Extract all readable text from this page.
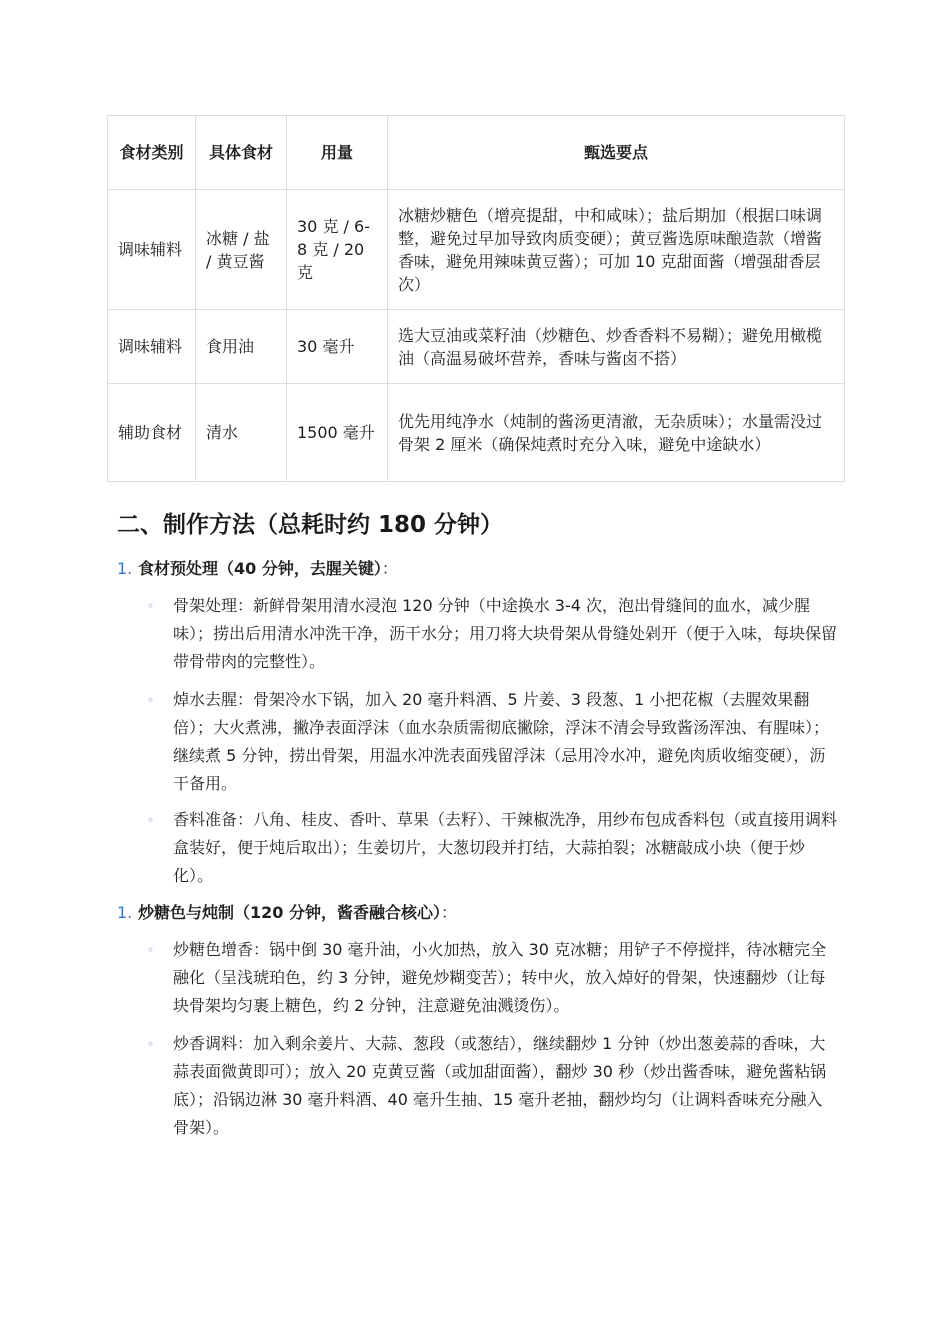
食材类别	具体食材	用量	甄选要点
调味辅料	冰糖 / 盐 / 黄豆酱	30 克 / 6-8 克 / 20 克	冰糖炒糖色（增亮提甜，中和咸味）；盐后期加（根据口味调整，避免过早加导致肉质变硬）；黄豆酱选原味酿造款（增酱香味，避免用辣味黄豆酱）；可加 10 克甜面酱（增强甜香层次）
调味辅料	食用油	30 毫升	选大豆油或菜籽油（炒糖色、炒香香料不易糊）；避免用橄榄油（高温易破坏营养，香味与酱卤不搭）
辅助食材	清水	1500 毫升	优先用纯净水（炖制的酱汤更清澈，无杂质味）；水量需没过骨架 2 厘米（确保炖煮时充分入味，避免中途缺水）
二、制作方法（总耗时约 180 分钟）
1. 食材预处理（40 分钟，去腥关键）：
◦ 骨架处理：新鲜骨架用清水浸泡 120 分钟（中途换水 3-4 次，泡出骨缝间的血水，减少腥味）；捞出后用清水冲洗干净，沥干水分；用刀将大块骨架从骨缝处剁开（便于入味，每块保留带骨带肉的完整性）。
◦ 焯水去腥：骨架冷水下锅，加入 20 毫升料酒、5 片姜、3 段葱、1 小把花椒（去腥效果翻倍）；大火煮沸，撇净表面浮沫（血水杂质需彻底撇除，浮沫不清会导致酱汤浑浊、有腥味）；继续煮 5 分钟，捞出骨架，用温水冲洗表面残留浮沫（忌用冷水冲，避免肉质收缩变硬），沥干备用。
◦ 香料准备：八角、桂皮、香叶、草果（去籽）、干辣椒洗净，用纱布包成香料包（或直接用调料盒装好，便于炖后取出）；生姜切片，大葱切段并打结，大蒜拍裂；冰糖敲成小块（便于炒化）。
1. 炒糖色与炖制（120 分钟，酱香融合核心）：
◦ 炒糖色增香：锅中倒 30 毫升油，小火加热，放入 30 克冰糖；用铲子不停搅拌，待冰糖完全融化（呈浅琥珀色，约 3 分钟，避免炒糊变苦）；转中火，放入焯好的骨架，快速翻炒（让每块骨架均匀裹上糖色，约 2 分钟，注意避免油溅烫伤）。
◦ 炒香调料：加入剩余姜片、大蒜、葱段（或葱结），继续翻炒 1 分钟（炒出葱姜蒜的香味，大蒜表面微黄即可）；放入 20 克黄豆酱（或加甜面酱），翻炒 30 秒（炒出酱香味，避免酱粘锅底）；沿锅边淋 30 毫升料酒、40 毫升生抽、15 毫升老抽，翻炒均匀（让调料香味充分融入骨架）。
